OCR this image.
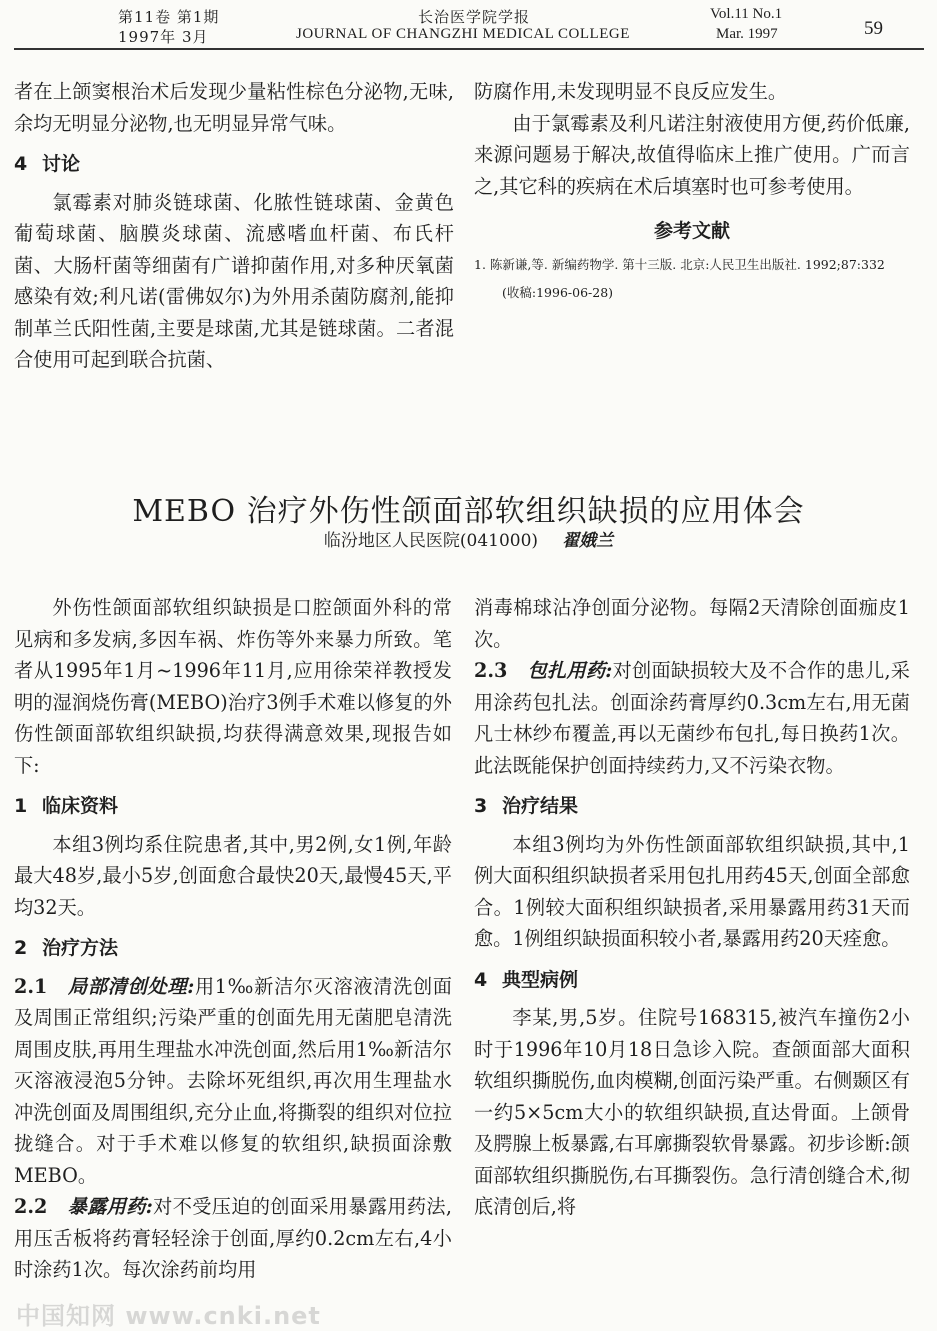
第11卷 第1期
1997年 3月
长治医学院学报
JOURNAL OF CHANGZHI MEDICAL COLLEGE
Vol.11 No.1
Mar. 1997	59

者在上颌窦根治术后发现少量粘性棕色分泌物,无味,余均无明显分泌物,也无明显异常气味。

4 讨论

氯霉素对肺炎链球菌、化脓性链球菌、金黄色葡萄球菌、脑膜炎球菌、流感嗜血杆菌、布氏杆菌、大肠杆菌等细菌有广谱抑菌作用,对多种厌氧菌感染有效;利凡诺(雷佛奴尔)为外用杀菌防腐剂,能抑制革兰氏阳性菌,主要是球菌,尤其是链球菌。二者混合使用可起到联合抗菌、

防腐作用,未发现明显不良反应发生。

由于氯霉素及利凡诺注射液使用方便,药价低廉,来源问题易于解决,故值得临床上推广使用。广而言之,其它科的疾病在术后填塞时也可参考使用。

参考文献

1. 陈新谦,等. 新编药物学. 第十三版. 北京:人民卫生出版社. 1992;87:332

(收稿:1996-06-28)

MEBO 治疗外伤性颌面部软组织缺损的应用体会
临汾地区人民医院(041000) 翟娥兰

外伤性颌面部软组织缺损是口腔颌面外科的常见病和多发病,多因车祸、炸伤等外来暴力所致。笔者从1995年1月~1996年11月,应用徐荣祥教授发明的湿润烧伤膏(MEBO)治疗3例手术难以修复的外伤性颌面部软组织缺损,均获得满意效果,现报告如下:

1 临床资料

本组3例均系住院患者,其中,男2例,女1例,年龄最大48岁,最小5岁,创面愈合最快20天,最慢45天,平均32天。

2 治疗方法

2.1 局部清创处理:用1‰新洁尔灭溶液清洗创面及周围正常组织;污染严重的创面先用无菌肥皂清洗周围皮肤,再用生理盐水冲洗创面,然后用1‰新洁尔灭溶液浸泡5分钟。去除坏死组织,再次用生理盐水冲洗创面及周围组织,充分止血,将撕裂的组织对位拉拢缝合。对于手术难以修复的软组织,缺损面涂敷MEBO。

2.2 暴露用药:对不受压迫的创面采用暴露用药法,用压舌板将药膏轻轻涂于创面,厚约0.2cm左右,4小时涂药1次。每次涂药前均用

消毒棉球沾净创面分泌物。每隔2天清除创面痂皮1次。

2.3 包扎用药:对创面缺损较大及不合作的患儿,采用涂药包扎法。创面涂药膏厚约0.3cm左右,用无菌凡士林纱布覆盖,再以无菌纱布包扎,每日换药1次。此法既能保护创面持续药力,又不污染衣物。

3 治疗结果

本组3例均为外伤性颌面部软组织缺损,其中,1例大面积组织缺损者采用包扎用药45天,创面全部愈合。1例较大面积组织缺损者,采用暴露用药31天而愈。1例组织缺损面积较小者,暴露用药20天痊愈。

4 典型病例

李某,男,5岁。住院号168315,被汽车撞伤2小时于1996年10月18日急诊入院。查颌面部大面积软组织撕脱伤,血肉模糊,创面污染严重。右侧颞区有一约5×5cm大小的软组织缺损,直达骨面。上颌骨及腭腺上板暴露,右耳廓撕裂软骨暴露。初步诊断:颌面部软组织撕脱伤,右耳撕裂伤。急行清创缝合术,彻底清创后,将

中国知网 www.cnki.net
